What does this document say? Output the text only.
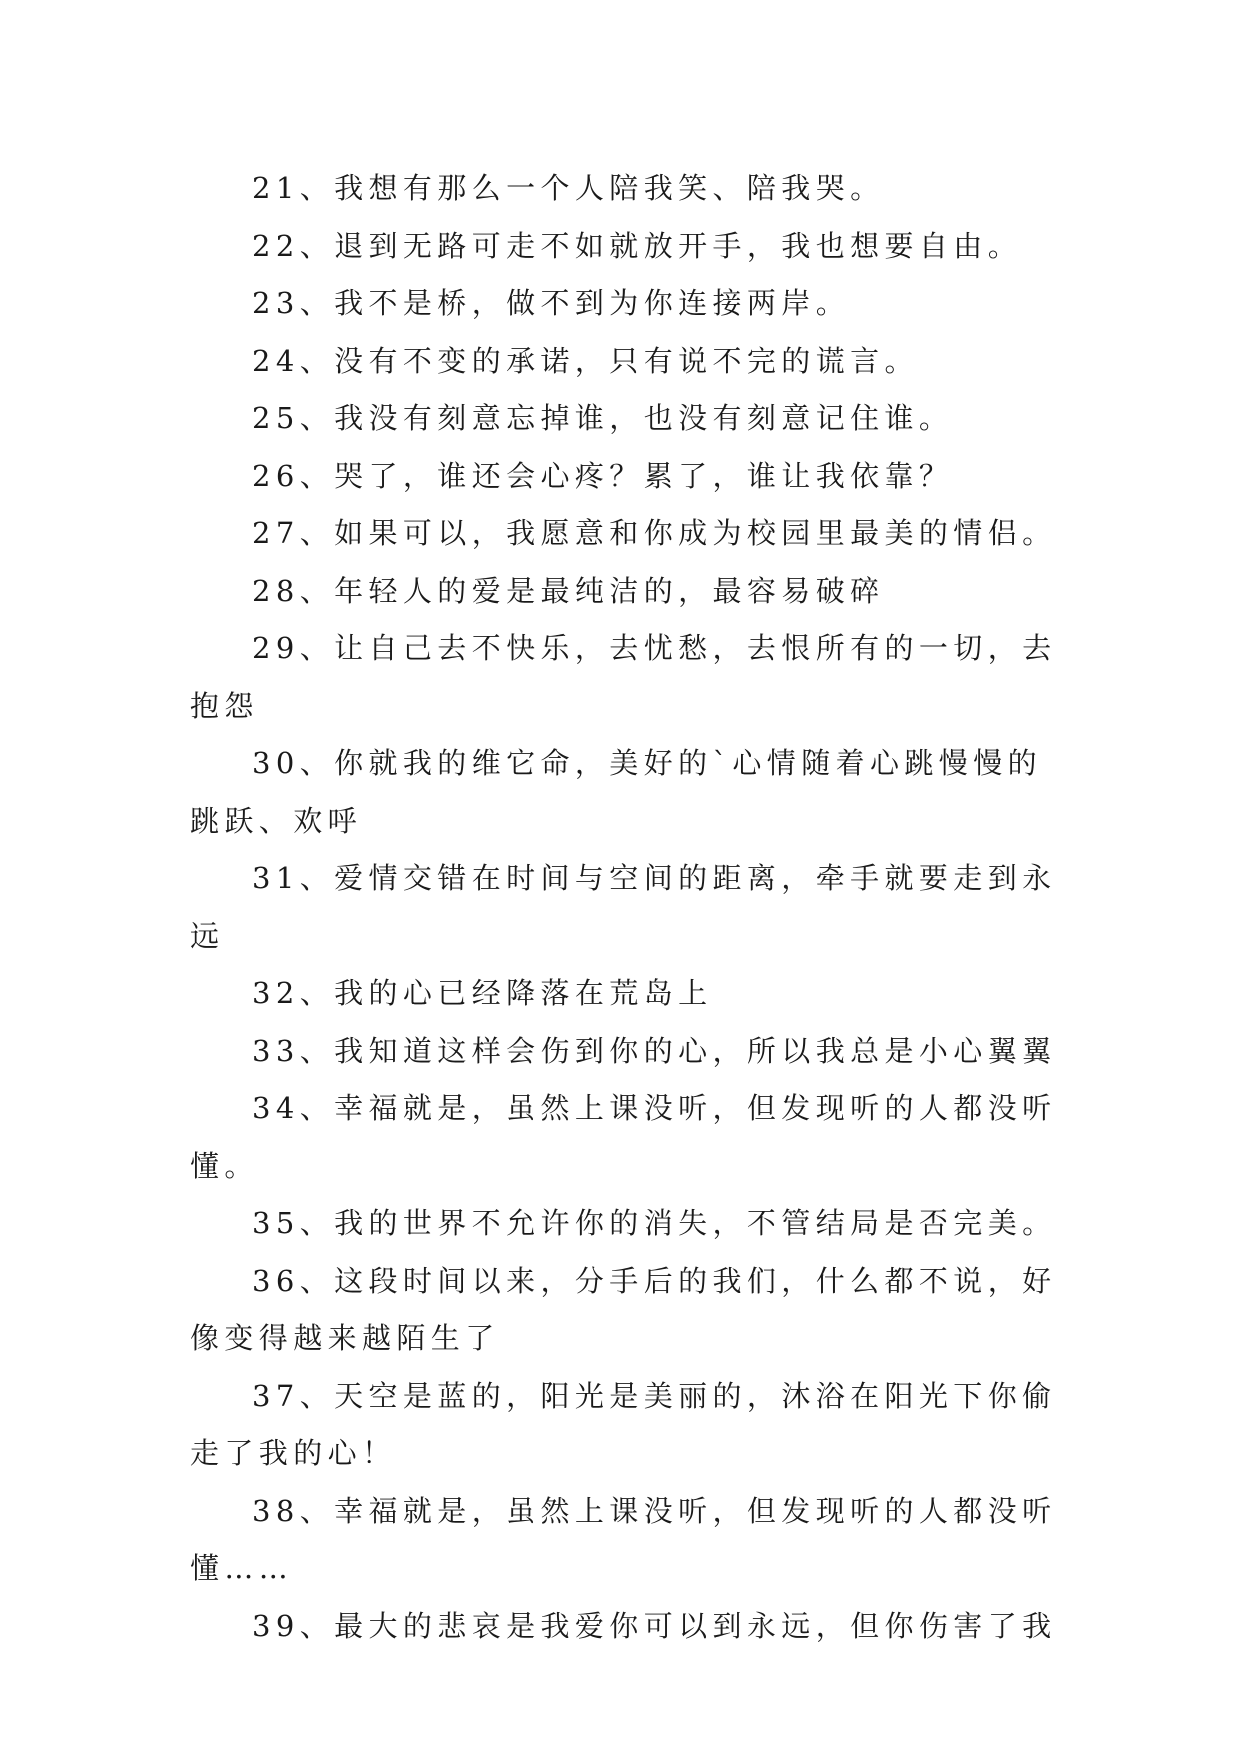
21、我想有那么一个人陪我笑、陪我哭。

22、退到无路可走不如就放开手，我也想要自由。

23、我不是桥，做不到为你连接两岸。

24、没有不变的承诺，只有说不完的谎言。

25、我没有刻意忘掉谁，也没有刻意记住谁。

26、哭了，谁还会心疼？累了，谁让我依靠？

27、如果可以，我愿意和你成为校园里最美的情侣。

28、年轻人的爱是最纯洁的，最容易破碎

29、让自己去不快乐，去忧愁，去恨所有的一切，去抱怨

30、你就我的维它命，美好的`心情随着心跳慢慢的跳跃、欢呼

31、爱情交错在时间与空间的距离，牵手就要走到永远

32、我的心已经降落在荒岛上

33、我知道这样会伤到你的心，所以我总是小心翼翼

34、幸福就是，虽然上课没听，但发现听的人都没听懂。

35、我的世界不允许你的消失，不管结局是否完美。

36、这段时间以来，分手后的我们，什么都不说，好像变得越来越陌生了

37、天空是蓝的，阳光是美丽的，沐浴在阳光下你偷走了我的心！

38、幸福就是，虽然上课没听，但发现听的人都没听懂……

39、最大的悲哀是我爱你可以到永远，但你伤害了我
